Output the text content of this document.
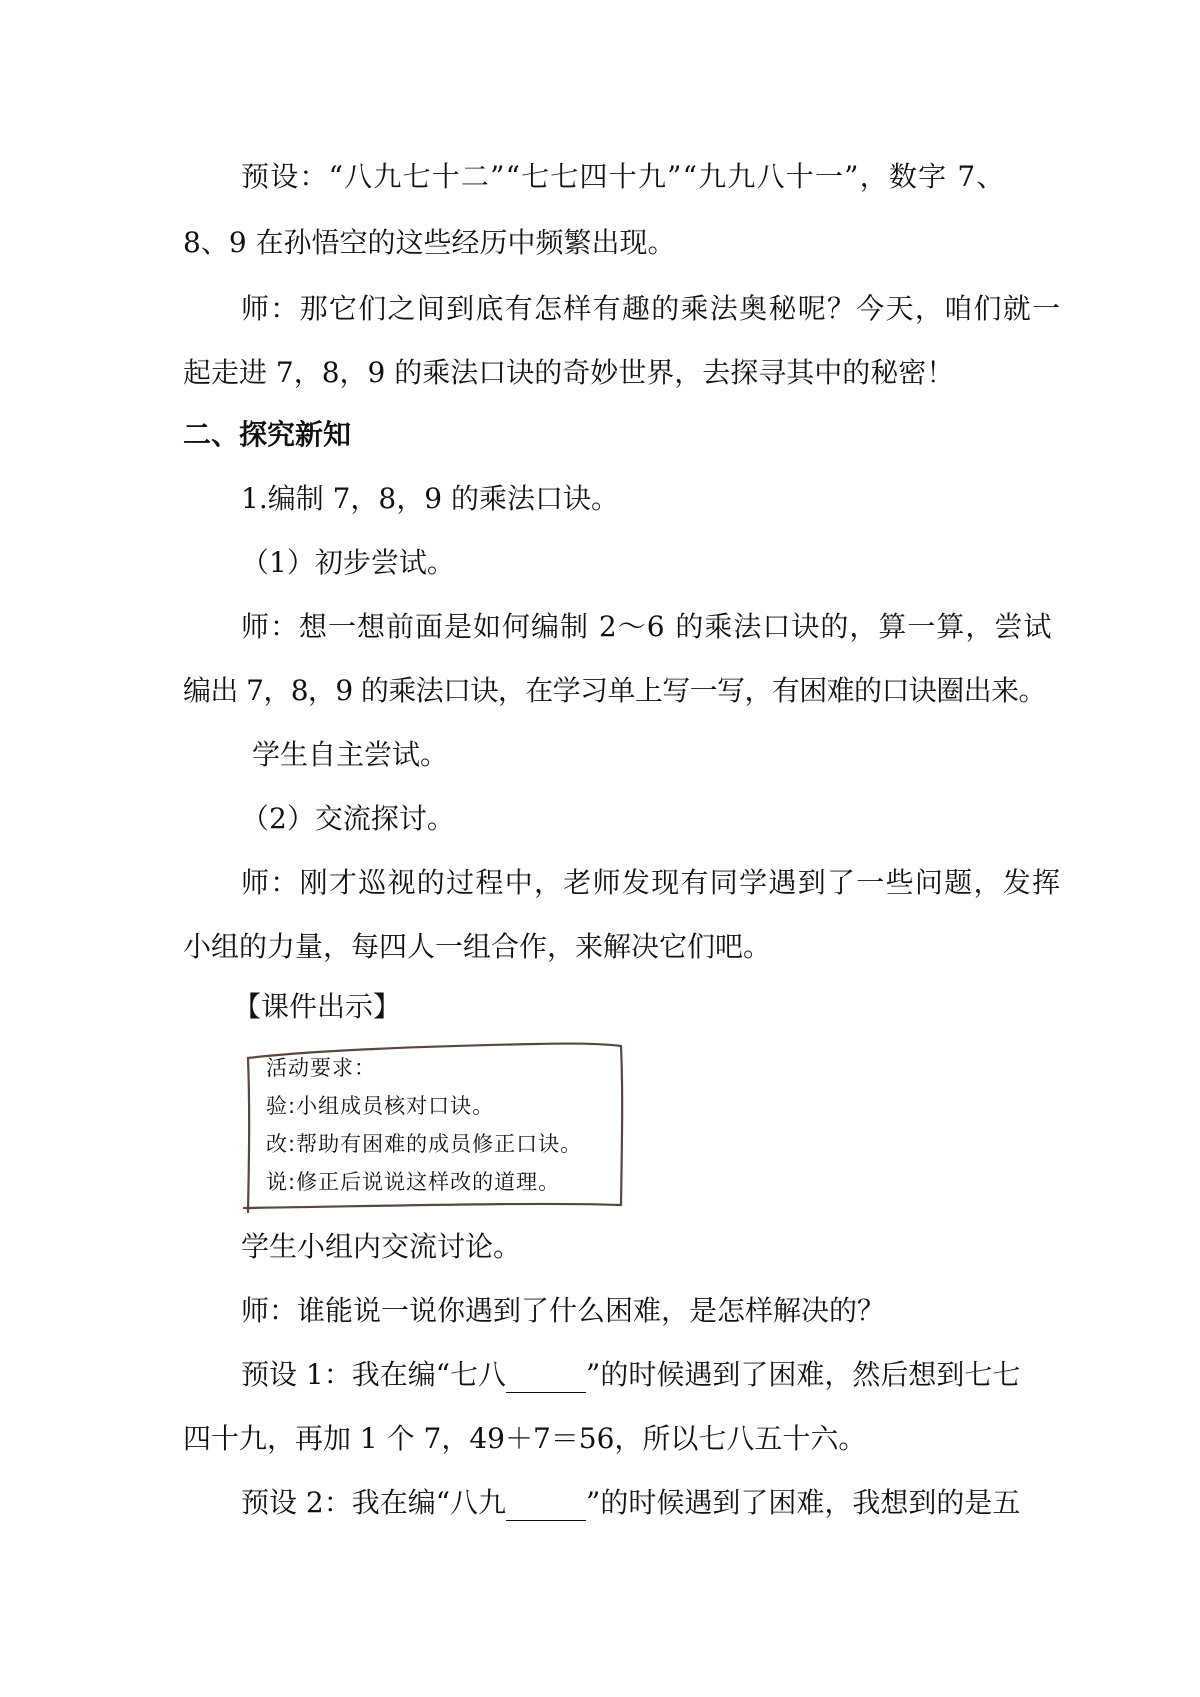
预设：“八九七十二”“七七四十九”“九九八十一”，数字 7、
8、9 在孙悟空的这些经历中频繁出现。
师：那它们之间到底有怎样有趣的乘法奥秘呢？今天，咱们就一
起走进 7，8，9 的乘法口诀的奇妙世界，去探寻其中的秘密！
二、探究新知
1.编制 7，8，9 的乘法口诀。
（1）初步尝试。
师：想一想前面是如何编制 2～6 的乘法口诀的，算一算，尝试
编出 7，8，9 的乘法口诀，在学习单上写一写，有困难的口诀圈出来。
学生自主尝试。
（2）交流探讨。
师：刚才巡视的过程中，老师发现有同学遇到了一些问题，发挥
小组的力量，每四人一组合作，来解决它们吧。
【课件出示】
活动要求：
验:小组成员核对口诀。
改:帮助有困难的成员修正口诀。
说:修正后说说这样改的道理。
学生小组内交流讨论。
师：谁能说一说你遇到了什么困难，是怎样解决的？
预设 1：我在编“七八	”的时候遇到了困难，然后想到七七
四十九，再加 1 个 7，49＋7＝56，所以七八五十六。
预设 2：我在编“八九	”的时候遇到了困难，我想到的是五
